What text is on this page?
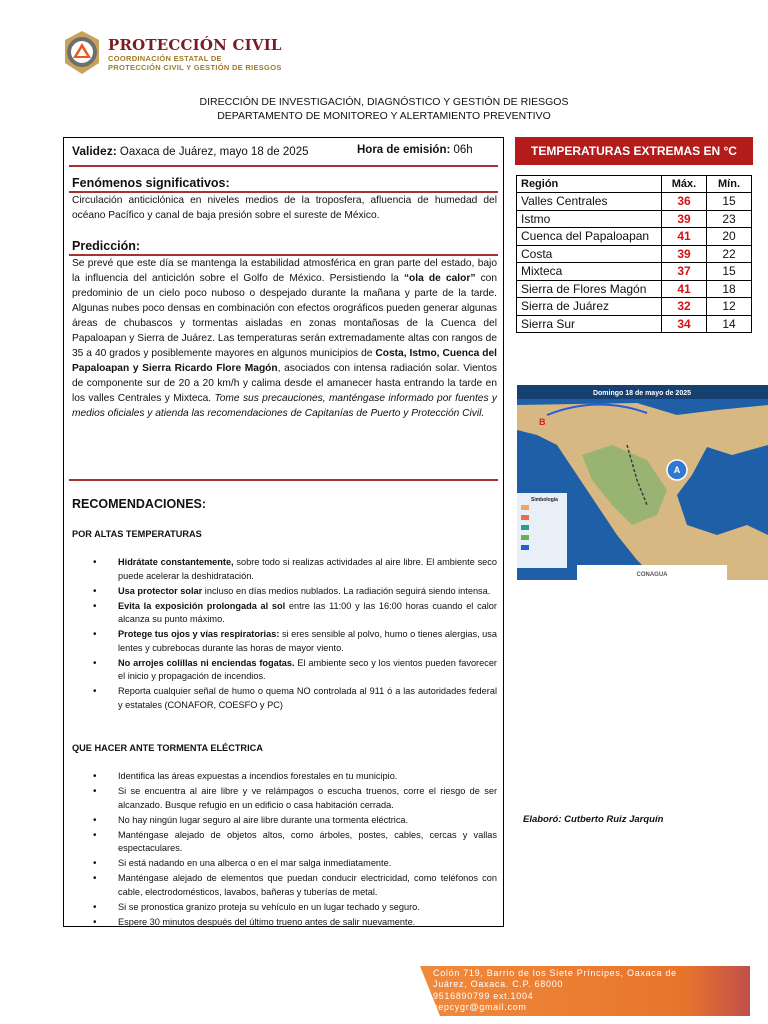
PROTECCIÓN CIVIL
COORDINACIÓN ESTATAL DE
PROTECCIÓN CIVIL Y GESTIÓN DE RIESGOS
DIRECCIÓN DE INVESTIGACIÓN, DIAGNÓSTICO Y GESTIÓN DE RIESGOS
DEPARTAMENTO DE MONITOREO Y ALERTAMIENTO PREVENTIVO
Validez: Oaxaca de Juárez, mayo 18 de 2025	Hora de emisión: 06h
Fenómenos significativos:
Circulación anticiclónica en niveles medios de la troposfera, afluencia de humedad del océano Pacífico y canal de baja presión sobre el sureste de México.
Predicción:
Se prevé que este día se mantenga la estabilidad atmosférica en gran parte del estado, bajo la influencia del anticiclón sobre el Golfo de México. Persistiendo la “ola de calor” con predominio de un cielo poco nuboso o despejado durante la mañana y parte de la tarde. Algunas nubes poco densas en combinación con efectos orográficos pueden generar algunas áreas de chubascos y tormentas aisladas en zonas montañosas de la Cuenca del Papaloapan y Sierra de Juárez. Las temperaturas serán extremadamente altas con rangos de 35 a 40 grados y posiblemente mayores en algunos municipios de Costa, Istmo, Cuenca del Papaloapan y Sierra Ricardo Flore Magón, asociados con intensa radiación solar. Vientos de componente sur de 20 a 20 km/h y calima desde el amanecer hasta entrando la tarde en los valles Centrales y Mixteca. Tome sus precauciones, manténgase informado por fuentes y medios oficiales y atienda las recomendaciones de Capitanías de Puerto y Protección Civil.
RECOMENDACIONES:
POR ALTAS TEMPERATURAS
• Hidrátate constantemente, sobre todo si realizas actividades al aire libre. El ambiente seco puede acelerar la deshidratación.
• Usa protector solar incluso en días medios nublados. La radiación seguirá siendo intensa.
• Evita la exposición prolongada al sol entre las 11:00 y las 16:00 horas cuando el calor alcanza su punto máximo.
• Protege tus ojos y vías respiratorias: si eres sensible al polvo, humo o tienes alergias, usa lentes y cubrebocas durante las horas de mayor viento.
• No arrojes colillas ni enciendas fogatas. El ambiente seco y los vientos pueden favorecer el inicio y propagación de incendios.
• Reporta cualquier señal de humo o quema NO controlada al 911 ó a las autoridades federal y estatales (CONAFOR, COESFO y PC)
QUE HACER ANTE TORMENTA ELÉCTRICA
• Identifica las áreas expuestas a incendios forestales en tu municipio.
• Si se encuentra al aire libre y ve relámpagos o escucha truenos, corre el riesgo de ser alcanzado. Busque refugio en un edificio o casa habitación cerrada.
• No hay ningún lugar seguro al aire libre durante una tormenta eléctrica.
• Manténgase alejado de objetos altos, como árboles, postes, cables, cercas y vallas espectaculares.
• Si está nadando en una alberca o en el mar salga inmediatamente.
• Manténgase alejado de elementos que puedan conducir electricidad, como teléfonos con cable, electrodomésticos, lavabos, bañeras y tuberías de metal.
• Si se pronostica granizo proteja su vehículo en un lugar techado y seguro.
• Espere 30 minutos después del último trueno antes de salir nuevamente.
TEMPERATURAS EXTREMAS EN °C
Región	Máx.	Mín.
Valles Centrales	36	15
Istmo	39	23
Cuenca del Papaloapan	41	20
Costa	39	22
Mixteca	37	15
Sierra de Flores Magón	41	18
Sierra de Juárez	32	12
Sierra Sur	34	14
Domingo 18 de mayo de 2025
A
B
Simbología
CONAGUA
Elaboró: Cutberto Ruiz Jarquín
Colón 719, Barrio de los Siete Príncipes, Oaxaca de
Juárez, Oaxaca. C.P. 68000
9516890799 ext.1004
cepcygr@gmail.com
